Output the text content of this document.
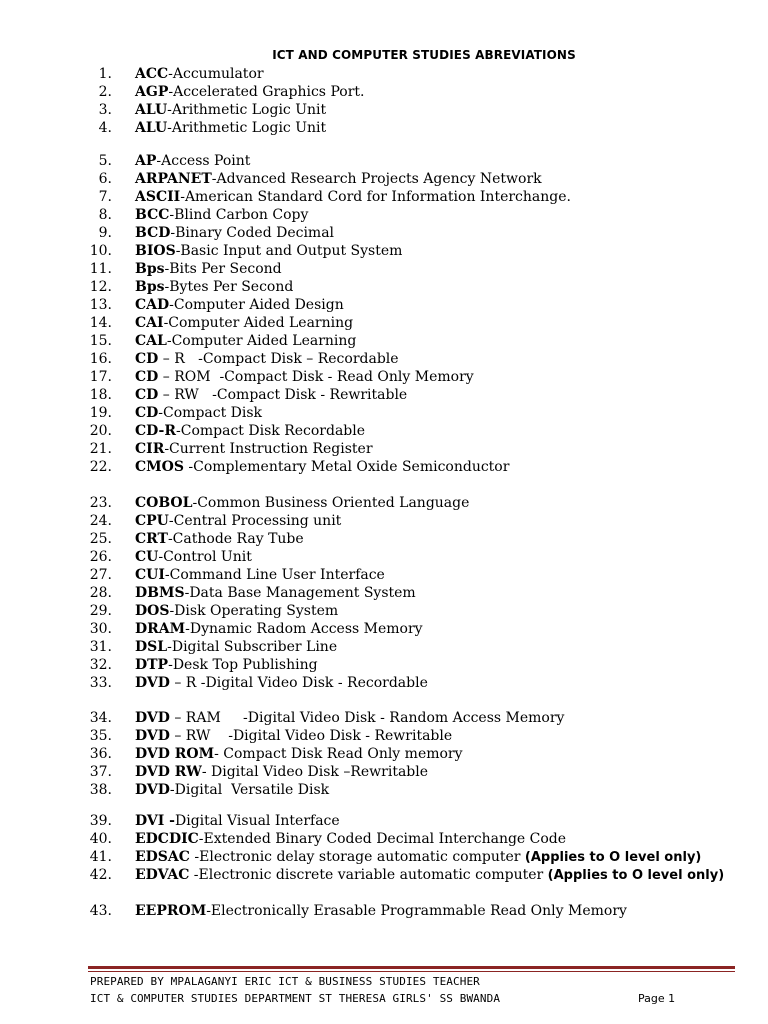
ICT AND COMPUTER STUDIES ABREVIATIONS
1. ACC-Accumulator
2. AGP-Accelerated Graphics Port.
3. ALU-Arithmetic Logic Unit
4. ALU-Arithmetic Logic Unit
5. AP-Access Point
6. ARPANET-Advanced Research Projects Agency Network
7. ASCII-American Standard Cord for Information Interchange.
8. BCC-Blind Carbon Copy
9. BCD-Binary Coded Decimal
10. BIOS-Basic Input and Output System
11. Bps-Bits Per Second
12. Bps-Bytes Per Second
13. CAD-Computer Aided Design
14. CAI-Computer Aided Learning
15. CAL-Computer Aided Learning
16. CD – R   -Compact Disk – Recordable
17. CD – ROM  -Compact Disk - Read Only Memory
18. CD – RW   -Compact Disk - Rewritable
19. CD-Compact Disk
20. CD-R-Compact Disk Recordable
21. CIR-Current Instruction Register
22. CMOS -Complementary Metal Oxide Semiconductor
23. COBOL-Common Business Oriented Language
24. CPU-Central Processing unit
25. CRT-Cathode Ray Tube
26. CU-Control Unit
27. CUI-Command Line User Interface
28. DBMS-Data Base Management System
29. DOS-Disk Operating System
30. DRAM-Dynamic Radom Access Memory
31. DSL-Digital Subscriber Line
32. DTP-Desk Top Publishing
33. DVD – R -Digital Video Disk - Recordable
34. DVD – RAM     -Digital Video Disk - Random Access Memory
35. DVD – RW    -Digital Video Disk - Rewritable
36. DVD ROM- Compact Disk Read Only memory
37. DVD RW- Digital Video Disk –Rewritable
38. DVD-Digital  Versatile Disk
39. DVI -Digital Visual Interface
40. EDCDIC-Extended Binary Coded Decimal Interchange Code
41. EDSAC -Electronic delay storage automatic computer (Applies to O level only)
42. EDVAC -Electronic discrete variable automatic computer (Applies to O level only)
43. EEPROM-Electronically Erasable Programmable Read Only Memory
PREPARED BY MPALAGANYI ERIC ICT & BUSINESS STUDIES TEACHER
ICT & COMPUTER STUDIES DEPARTMENT ST THERESA GIRLS' SS BWANDA	Page 1
